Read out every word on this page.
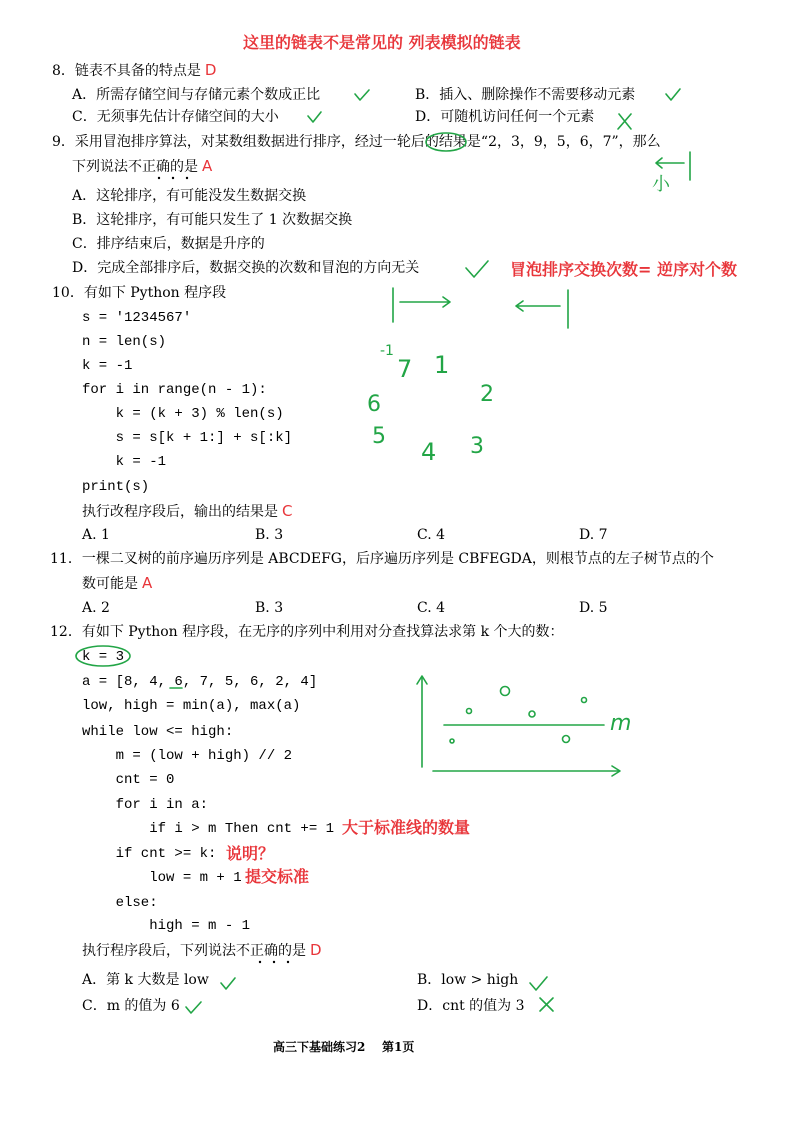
这里的链表不是常见的 列表模拟的链表
8．链表不具备的特点是 D
A．所需存储空间与存储元素个数成正比	B．插入、删除操作不需要移动元素
C．无须事先估计存储空间的大小	D．可随机访问任何一个元素
9．采用冒泡排序算法，对某数组数据进行排序，经过一轮后的结果是“2，3，9，5，6，7”，那么
下列说法不正确的是 A
A．这轮排序，有可能没发生数据交换
B．这轮排序，有可能只发生了 1 次数据交换
C．排序结束后，数据是升序的
D．完成全部排序后，数据交换的次数和冒泡的方向无关	冒泡排序交换次数= 逆序对个数
小
10．有如下 Python 程序段
s = '1234567'
n = len(s)
k = -1
for i in range(n - 1):
k = (k + 3) % len(s)
s = s[k + 1:] + s[:k]
k = -1
print(s)
执行改程序段后，输出的结果是 C
A. 1	B. 3	C. 4	D. 7
-1
7 1
2
6
5
4 3
11．一棵二叉树的前序遍历序列是 ABCDEFG，后序遍历序列是 CBFEGDA，则根节点的左子树节点的个
数可能是 A
A. 2	B. 3	C. 4	D. 5
12．有如下 Python 程序段，在无序的序列中利用对分查找算法求第 k 个大的数：
k = 3
a = [8, 4, 6, 7, 5, 6, 2, 4]
low, high = min(a), max(a)
while low <= high:
m = (low + high) // 2
cnt = 0
for i in a:
if i > m Then cnt += 1
if cnt >= k:
low = m + 1
else:
high = m - 1
大于标准线的数量
说明？
提交标准
执行程序段后，下列说法不正确的是 D
A．第 k 大数是 low	B．low > high
C．m 的值为 6	D．cnt 的值为 3
m
高三下基础练习2    第1页
